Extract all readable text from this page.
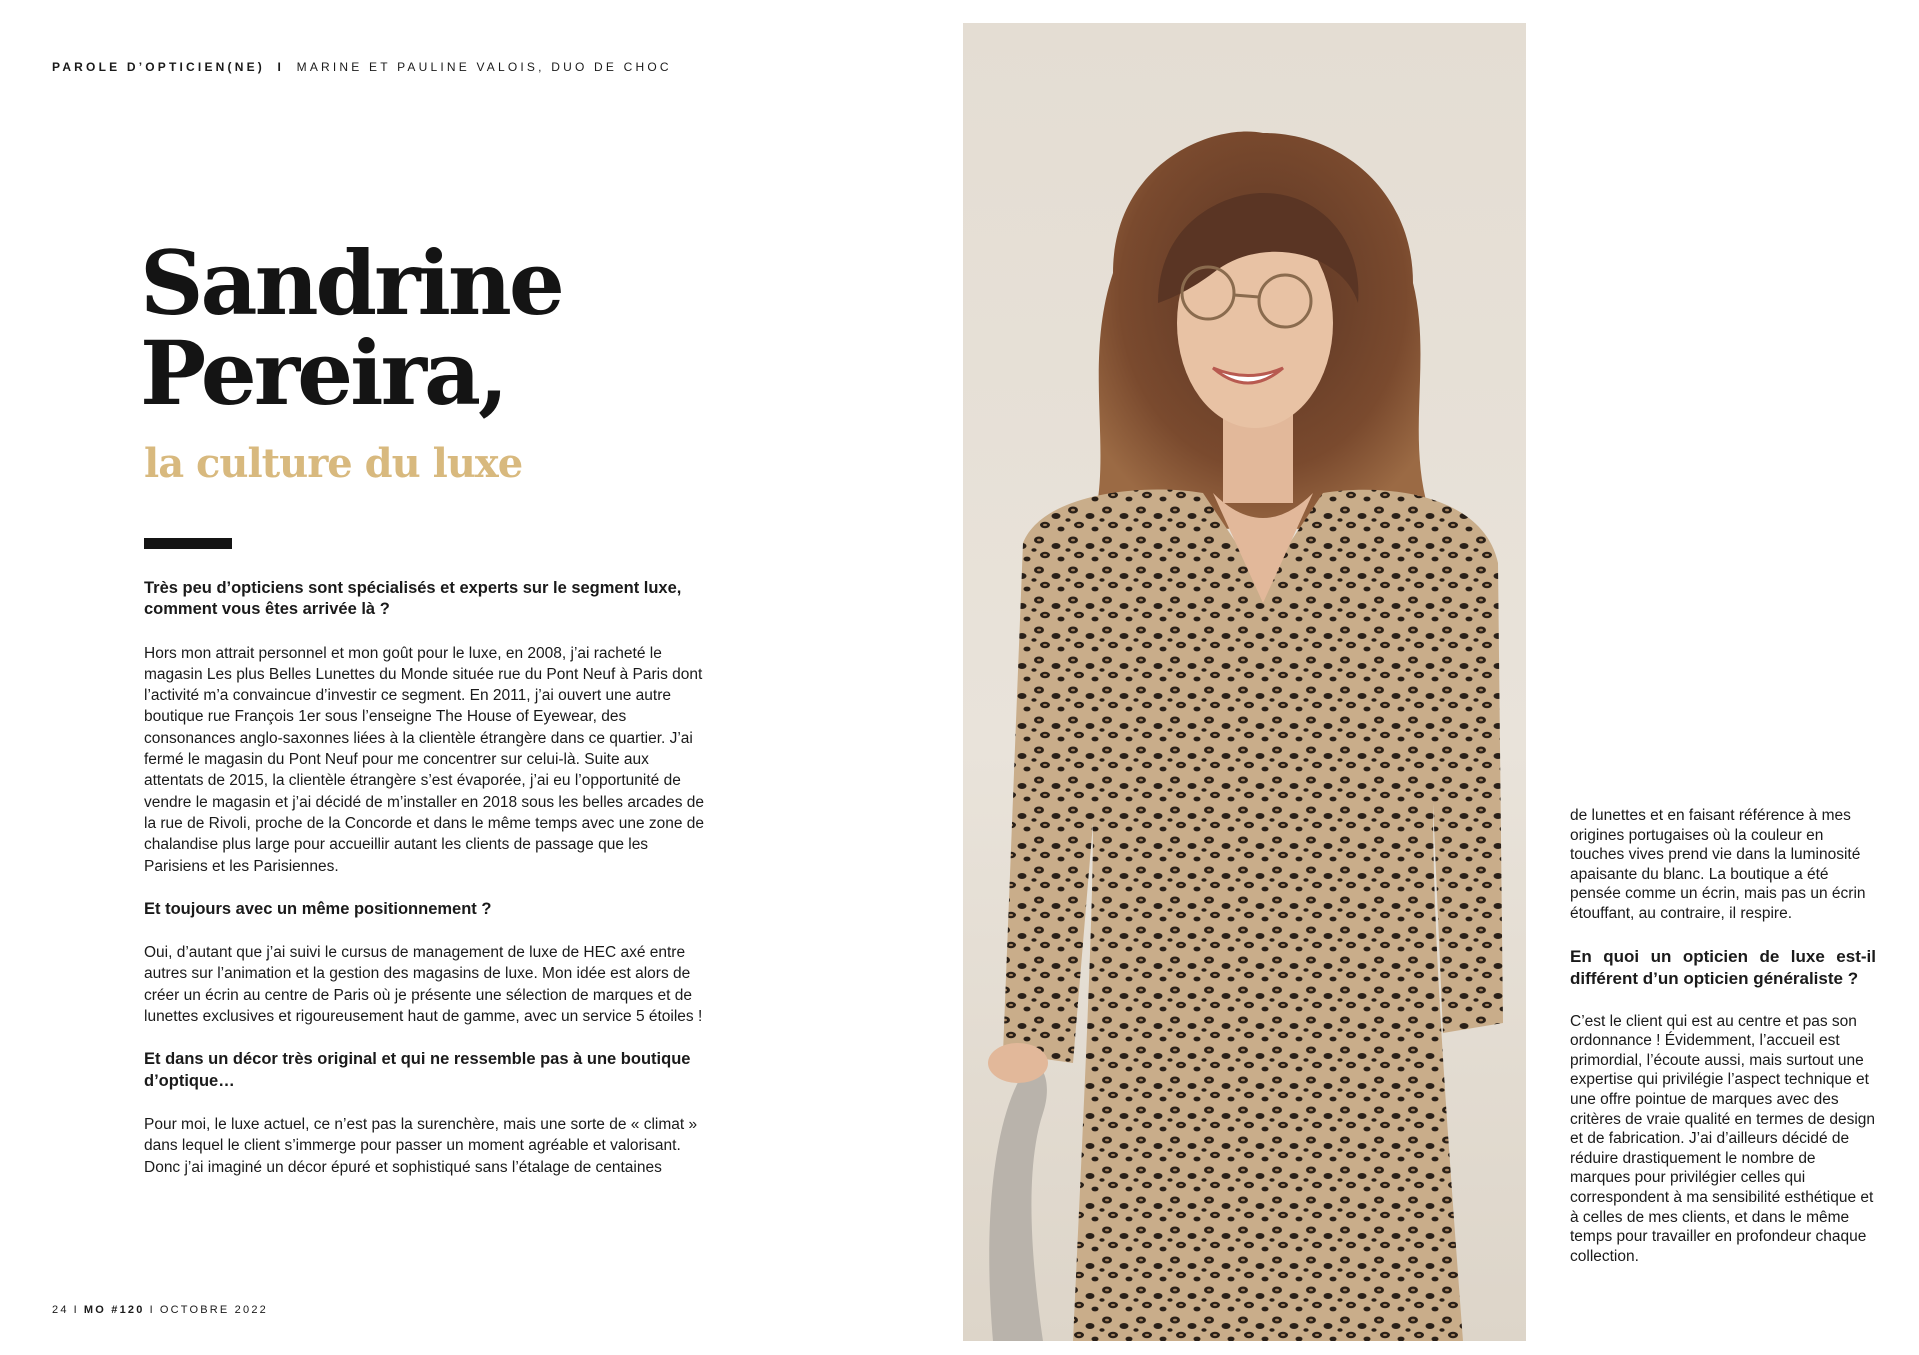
PAROLE D’OPTICIEN(NE) I MARINE ET PAULINE VALOIS, DUO DE CHOC
Sandrine
Pereira,
la culture du luxe

Très peu d’opticiens sont spécialisés et experts sur le segment luxe, comment vous êtes arrivée là ?

Hors mon attrait personnel et mon goût pour le luxe, en 2008, j’ai racheté le magasin Les plus Belles Lunettes du Monde située rue du Pont Neuf à Paris dont l’activité m’a convaincue d’investir ce segment. En 2011, j’ai ouvert une autre boutique rue François 1er sous l’enseigne The House of Eyewear, des consonances anglo-saxonnes liées à la clientèle étrangère dans ce quartier. J’ai fermé le magasin du Pont Neuf pour me concentrer sur celui-là. Suite aux attentats de 2015, la clientèle étrangère s’est évaporée, j’ai eu l’opportunité de vendre le magasin et j’ai décidé de m’installer en 2018 sous les belles arcades de la rue de Rivoli, proche de la Concorde et dans le même temps avec une zone de chalandise plus large pour accueillir autant les clients de passage que les Parisiens et les Parisiennes.

Et toujours avec un même positionnement ?

Oui, d’autant que j’ai suivi le cursus de management de luxe de HEC axé entre autres sur l’animation et la gestion des magasins de luxe. Mon idée est alors de créer un écrin au centre de Paris où je présente une sélection de marques et de lunettes exclusives et rigoureusement haut de gamme, avec un service 5 étoiles !

Et dans un décor très original et qui ne ressemble pas à une boutique d’optique…

Pour moi, le luxe actuel, ce n’est pas la surenchère, mais une sorte de « climat » dans lequel le client s’immerge pour passer un moment agréable et valorisant. Donc j’ai imaginé un décor épuré et sophistiqué sans l’étalage de centaines

de lunettes et en faisant référence à mes origines portugaises où la couleur en touches vives prend vie dans la luminosité apaisante du blanc. La boutique a été pensée comme un écrin, mais pas un écrin étouffant, au contraire, il respire.

En quoi un opticien de luxe est-il différent d’un opticien généraliste ?

C’est le client qui est au centre et pas son ordonnance ! Évidemment, l’accueil est primordial, l’écoute aussi, mais surtout une expertise qui privilégie l’aspect technique et une offre pointue de marques avec des critères de vraie qualité en termes de design et de fabrication. J’ai d’ailleurs décidé de réduire drastiquement le nombre de marques pour privilégier celles qui correspondent à ma sensibilité esthétique et à celles de mes clients, et dans le même temps pour travailler en profondeur chaque collection.

24 I MO #120 I OCTOBRE 2022
